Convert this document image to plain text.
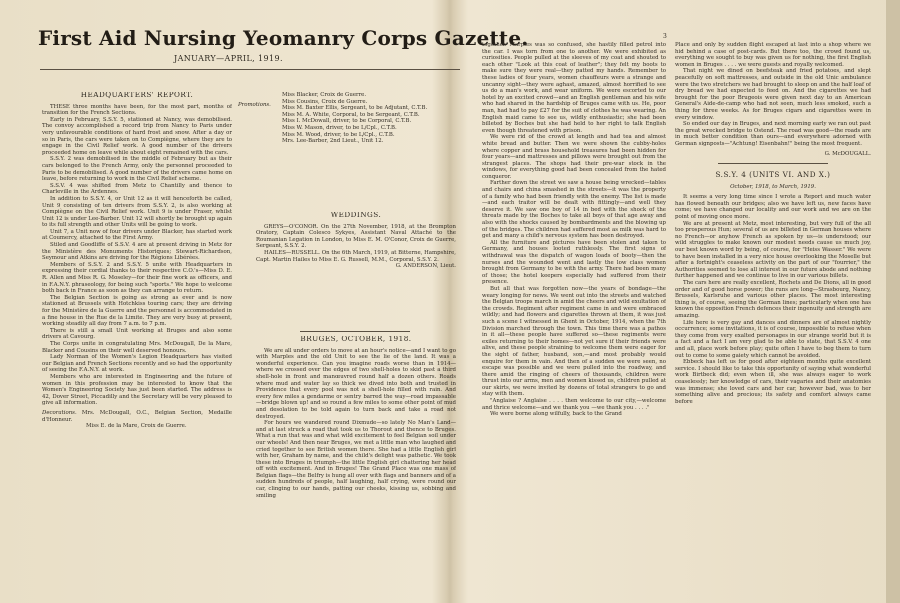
First Aid Nursing Yeomanry Corps Gazette.
JANUARY—APRIL, 1919.
3
HEADQUARTERS' REPORT.

THESE three months have been, for the most part, months of transition for the French Sections.

Early in February, S.S.Y. 5, stationed at Nancy, was demobilised. The convoy accomplished a record trip from Nancy to Paris under very unfavourable conditions of hard frost and snow. After a day or so in Paris, the cars were taken on to Compiègne, where they are to engage in the Civil Relief work. A good number of the drivers proceeded home on leave while about eight remained with the cars.

S.S.Y. 2 was demobilised in the middle of February but as their cars belonged to the French Army, only the personnel proceeded to Paris to be demobilised. A good number of the drivers came home on leave, before returning to work in the Civil Relief scheme.

S.S.V. 4 was shifted from Metz to Chantilly and thence to Charleville in the Ardennes.

In addition to S.S.Y. 4, or Unit 12 as it will henceforth be called, Unit 9 consisting of ten drivers from S.S.Y. 2, is also working at Compiègne on the Civil Relief work. Unit 9 is under Fraser, whilst Unit 12 is under Lee-Barber. Unit 12 will shortly be brought up again to its full strength and other Units will be going to work.

Unit 7, a Unit now of four drivers under Blacker, has started work at Coumercy, attached to the First Army.

Stiled and Goodliffe of S.S.V. 4 are at present driving in Metz for the Ministère des Monuments Historiques; Stewart-Richardson, Seymour and Atkins are driving for the Régions Libérées.

Members of S.S.Y. 2 and S.S.Y. 5 unite with Headquarters in expressing their cordial thanks to their respective C.O.'s—Miss D. E. R. Allen and Miss R. G. Moseley—for their fine work as officers, and in F.A.N.Y. phraseology, for being such "sports." We hope to welcome both back in France as soon as they can arrange to return.

The Belgian Section is going as strong as ever and is now stationed at Brussels with Hotchkiss touring cars; they are driving for the Ministère de la Guerre and the personnel is accommodated in a fine house in the Rue de la Limite. They are very busy at present, working steadily all day from 7 a.m. to 7 p.m.

There is still a small Unit working at Bruges and also some drivers at Cavourg.

The Corps unite in congratulating Mrs. McDougall, De la Mare, Blacker and Cousins on their well deserved honours.

Lady Norman of the Women's Legion Headquarters has visited our Belgian and French Sections recently and so had the opportunity of seeing the F.A.N.Y. at work.

Members who are interested in Engineering and the future of women in this profession may be interested to know that the Women's Engineering Society has just been started. The address is 42, Dover Street, Piccadilly and the Secretary will be very pleased to give all information.

Decorations. Mrs. McDougall, O.C., Belgian Section, Medaille d'Honneur.
Miss E. de la Mare, Croix de Guerre.
Promotions.
Miss Blacker, Croix de Guerre.
Miss Cousins, Croix de Guerre.
Miss M. Baxter Ellis, Sergeant, to be Adjutant, C.T.B.
Miss M. A. White, Corporal, to be Sergeant, C.T.B.
Miss I. McDowall, driver, to be Corporal, C.T.B.
Miss W. Mason, driver, to be L/Cpl., C.T.B.
Miss M. Wood, driver, to be L/Cpl., C.T.B.
Mrs. Lee-Barber, 2nd Lieut., Unit 12.
WEDDINGS.

GREYS—O'CONOR. On the 27th November, 1918, at the Brompton Oratory, Captain Colesco Sykyes, Assistant Naval Attaché to the Roumanian Legation in London, to Miss E. M. O'Conor, Croix de Guerre, Sergeant, S.S.Y. 2.

HAILES—RUSSELL. On the 6th March, 1919, at Bitterne, Hampshire, Capt. Martin Hailes to Miss E. G. Russell, M.M., Corporal, S.S.Y. 2.

G. ANDERSON, Lieut.
BRUGES, OCTOBER, 1918.

We are all under orders to move at an hour's notice—and I want to go with Marples and the old Unit to see the lie of the land. It was a wonderful experience. Can you imagine roads worse than in 1914—where we crossed over the edges of two shell-holes to skid past a third shell-hole in front and manœuvred round half a dozen others. Roads where mud and water lay so thick we dived into both and trusted in Providence that every pool was not a shell-hole filled with rain. And every few miles a gendarme or sentry barred the way—road impassable—bridge blown up! and so round a few miles to some other point of mud and desolation to be told again to turn back and take a road not destroyed.

For hours we wandered round Dixmude—so lately No Man's Land—and at last struck a road that took us to Thorout and thence to Bruges. What a run that was and what wild excitement to feel Belgian soil under our wheels! And then near Bruges, we met a little man who laughed and cried together to see British women there. She had a little English girl with her, Graham by name, and the child's delight was pathetic. We took these into Bruges in triumph—the little English girl chattering her head off with excitement. And in Bruges! The Grand Place was one mass of Belgian flags—the Belfry is hung all over with flags and banners and of a sudden hundreds of people, half laughing, half crying, were round our car, clinging to our hands, patting our cheeks, kissing us, sobbing and smiling

together. Marples was so confused, she hastily filled petrol into the car. I was torn from one to another. We were exhibited as curiosities. People pulled at the sleeves of my coat and shouted to each other "Look at this coat of leather"; they felt my boots to make sure they were real—they patted my hands. Remember to these ladies of four years, women chauffeurs were a strange and uncanny sight—they were aghast, amazed, almost horrified to see us do a man's work, and wear uniform. We were escorted to our hotel by an excited crowd—and an English gentleman and his wife who had shared in the hardship of Bruges came with us. He, poor man, had had to pay £27 for the suit of clothes he was wearing. An English maid came to see us, wildly enthusiastic; she had been billeted by Boches but she had held to her right to talk English even though threatened with prison.

We were rid of the crowd at length and had tea and almost white bread and butter. Then we were shown the cubby-holes where copper and brass household treasures had been hidden for four years—and mattresses and pillows were brought out from the strangest places. The shops had their pre-war stock in the windows, for everything good had been concealed from the hated conqueror.

Farther down the street we saw a house being wrecked—tables and chairs and china smashed in the streets—it was the property of a family who had been friendly with the enemy. The list is made—and each traitor will be dealt with fittingly—and well they deserve it. We saw one boy of 14 in bed with the shock of the threats made by the Boches to take all boys of that age away and also with the shocks caused by bombardments and the blowing up of the bridges. The children had suffered most as milk was hard to get and many a child's nervous system has been destroyed.

All the furniture and pictures have been stolen and taken to Germany, and houses looted ruthlessly. The first signs of withdrawal was the dispatch of wagon loads of booty—then the nurses and the wounded went and lastly the low class women brought from Germany to be with the army. There had been many of those; the hotel keepers especially had suffered from their presence.

But all that was forgotten now—the years of bondage—the weary longing for news. We went out into the streets and watched the Belgian troops march in amid the cheers and wild exultation of the crowds. Regiment after regiment came in and were embraced wildly; and had flowers and cigarettes thrown at them, it was just such a scene I witnessed in Ghent in October, 1914, when the 7th Division marched through the town. This time there was a pathos in it all—these people have suffered so—these regiments were exiles returning to their homes—not yet sure if their friends were alive, and these people straining to welcome them were eager for the sight of father, husband, son,—and most probably would enquire for them in vain. And then of a sudden we were seen, no escape was possible and we were pulled into the roadway, and there amid the ringing of cheers of thousands, children were thrust into our arms, men and women kissed us, children pulled at our skirts, we were invited by dozens of total strangers to go and stay with them.

"Anglaise ? Anglaise . . . . then welcome to our city,—welcome and thrice welcome—and we thank you —we thank you . . . ."

We were borne along wilfully, back to the Grand

Place and only by sudden flight escaped at last into a shop where we hid behind a case of post-cards. But there too, the crowd found us, everything we sought to buy was given us for nothing, the first English women in Bruges . . . . we were guests and royally welcomed.

That night we dined on beefsteak and fried potatoes, and slept peacefully on soft mattresses, and outside in the old Unic ambulance were the two stretchers we had brought to sleep on and the half loaf of dry bread we had expected to feed on. And the cigarettes we had brought for the poor Brugeois were given next day to an American General's Aide-de-camp who had not seen, much less smoked, such a thing for three weeks. As for Bruges cigars and cigarettes were in every window.

So ended our day in Bruges, and next morning early we ran out past the great wrecked bridge to Ostend. The road was good—the roads are in much better condition than ours—and everywhere adorned with German signposts—"Achtung! Eisenbahn!" being the most frequent.

G. McDOUGALL.
S.S.Y. 4 (UNITS VI. AND X.)
October, 1918, to March, 1919.

It seems a very long time since I wrote a Report and much water has flowed beneath our bridges; also we have left us, new faces have come; we have changed our locality and our work and we are on the point of moving once more.

We are at present at Metz, most interesting, but very full of the all too prosperous Hun; several of us are billeted in German houses where no French—or anyhow French as spoken by us—is understood; our wild struggles to make known our modest needs cause us much joy, our best known word by being, of course, for "Heiss Wasser." We were to have been installed in a very nice house overlooking the Moselle but after a fortnight's ceaseless activity on the part of our "fourrier," the Authorities seemed to lose all interest in our future abode and nothing further happened and we continue to live in our various billets.

The cars here are really excellent, Rochets and De Dions, all in good order and of good horse power; the runs are long—Strasbourg, Nancy, Brussels, Karlsruhe and various other places. The most interesting thing is, of course, seeing the German lines; particularly when one has known the opposition French defences their ingenuity and strength are amazing.

Life here is very gay and dances and dinners are of almost nightly occurrence; some invitations, it is of course, impossible to refuse when they come from very exalted personages in our strange world but it is a fact and a fact I am very glad to be able to state, that S.S.V. 4 one and all, place work before play; quite often I have to beg them to turn out to come to some gaiety which cannot be avoided.

Ebbeck has left us for good after eighteen months quite excellent service. I should like to take this opportunity of saying what wonderful work Birtbeck did; even when ill, she was always eager to work ceaselessly; her knowledge of cars, their vagaries and their anatomies was immense; she loved cars and her car, however bad, was to her something alive and precious; its safety and comfort always came before
